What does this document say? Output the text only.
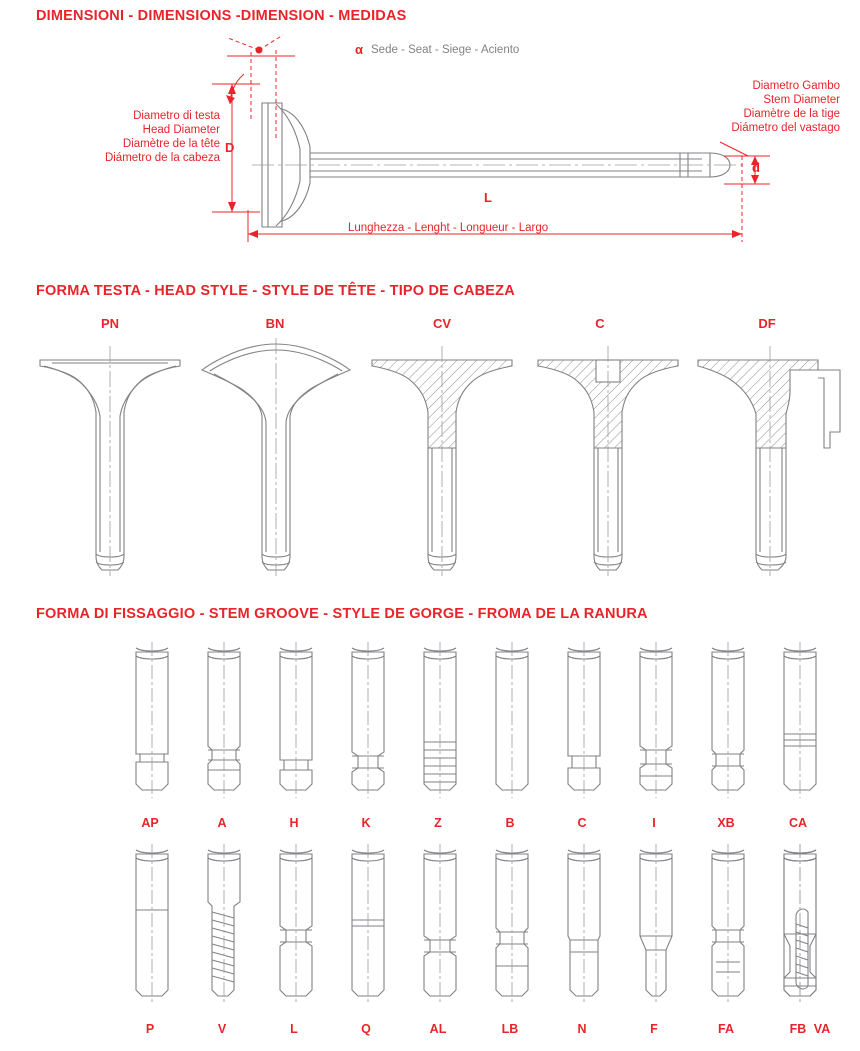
DIMENSIONI - DIMENSIONS -DIMENSION - MEDIDAS
Sede - Seat - Siege - Aciento
α
Diametro Gambo
Stem Diameter
Diamètre de la tige
Diámetro del vastago
Diametro di testa
Head Diameter
Diamètre de la tête
Diámetro de la cabeza
D
d
L
Lunghezza - Lenght - Longueur - Largo
FORMA TESTA - HEAD STYLE - STYLE DE TÊTE - TIPO DE CABEZA
PN	BN	CV	C	DF
FORMA DI FISSAGGIO - STEM GROOVE - STYLE DE GORGE - FROMA DE LA RANURA
AP	A	H	K	Z	B	C	I	XB	CA
P	V	L	Q	AL	LB	N	F	FA	FB VA
